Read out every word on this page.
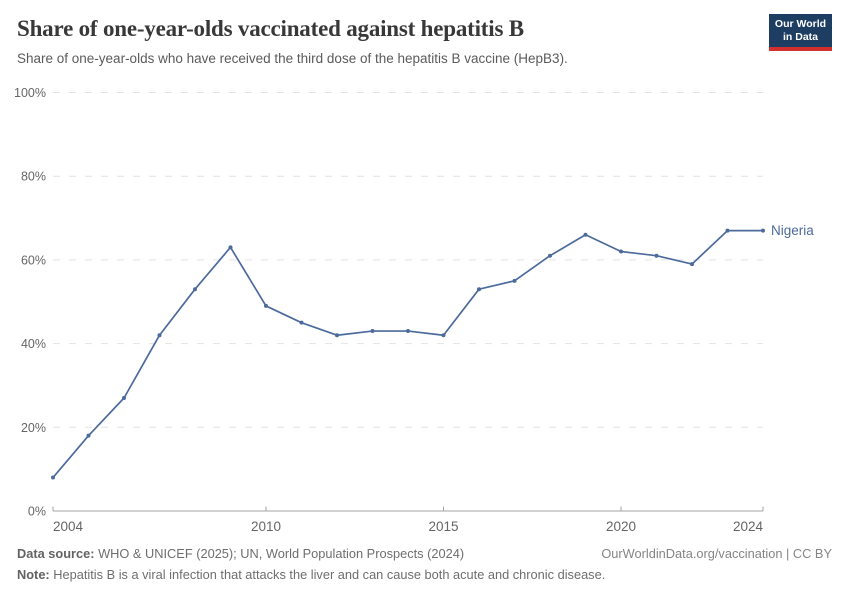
0%
20%
40%
60%
80%
100%
2004	2010	2015	2020	2024
Nigeria
Share of one-year-olds vaccinated against hepatitis B

Share of one-year-olds who have received the third dose of the hepatitis B vaccine (HepB3).

Our World
in Data
Data source: WHO & UNICEF (2025); UN, World Population Prospects (2024)
Note: Hepatitis B is a viral infection that attacks the liver and can cause both acute and chronic disease.
OurWorldinData.org/vaccination | CC BY
